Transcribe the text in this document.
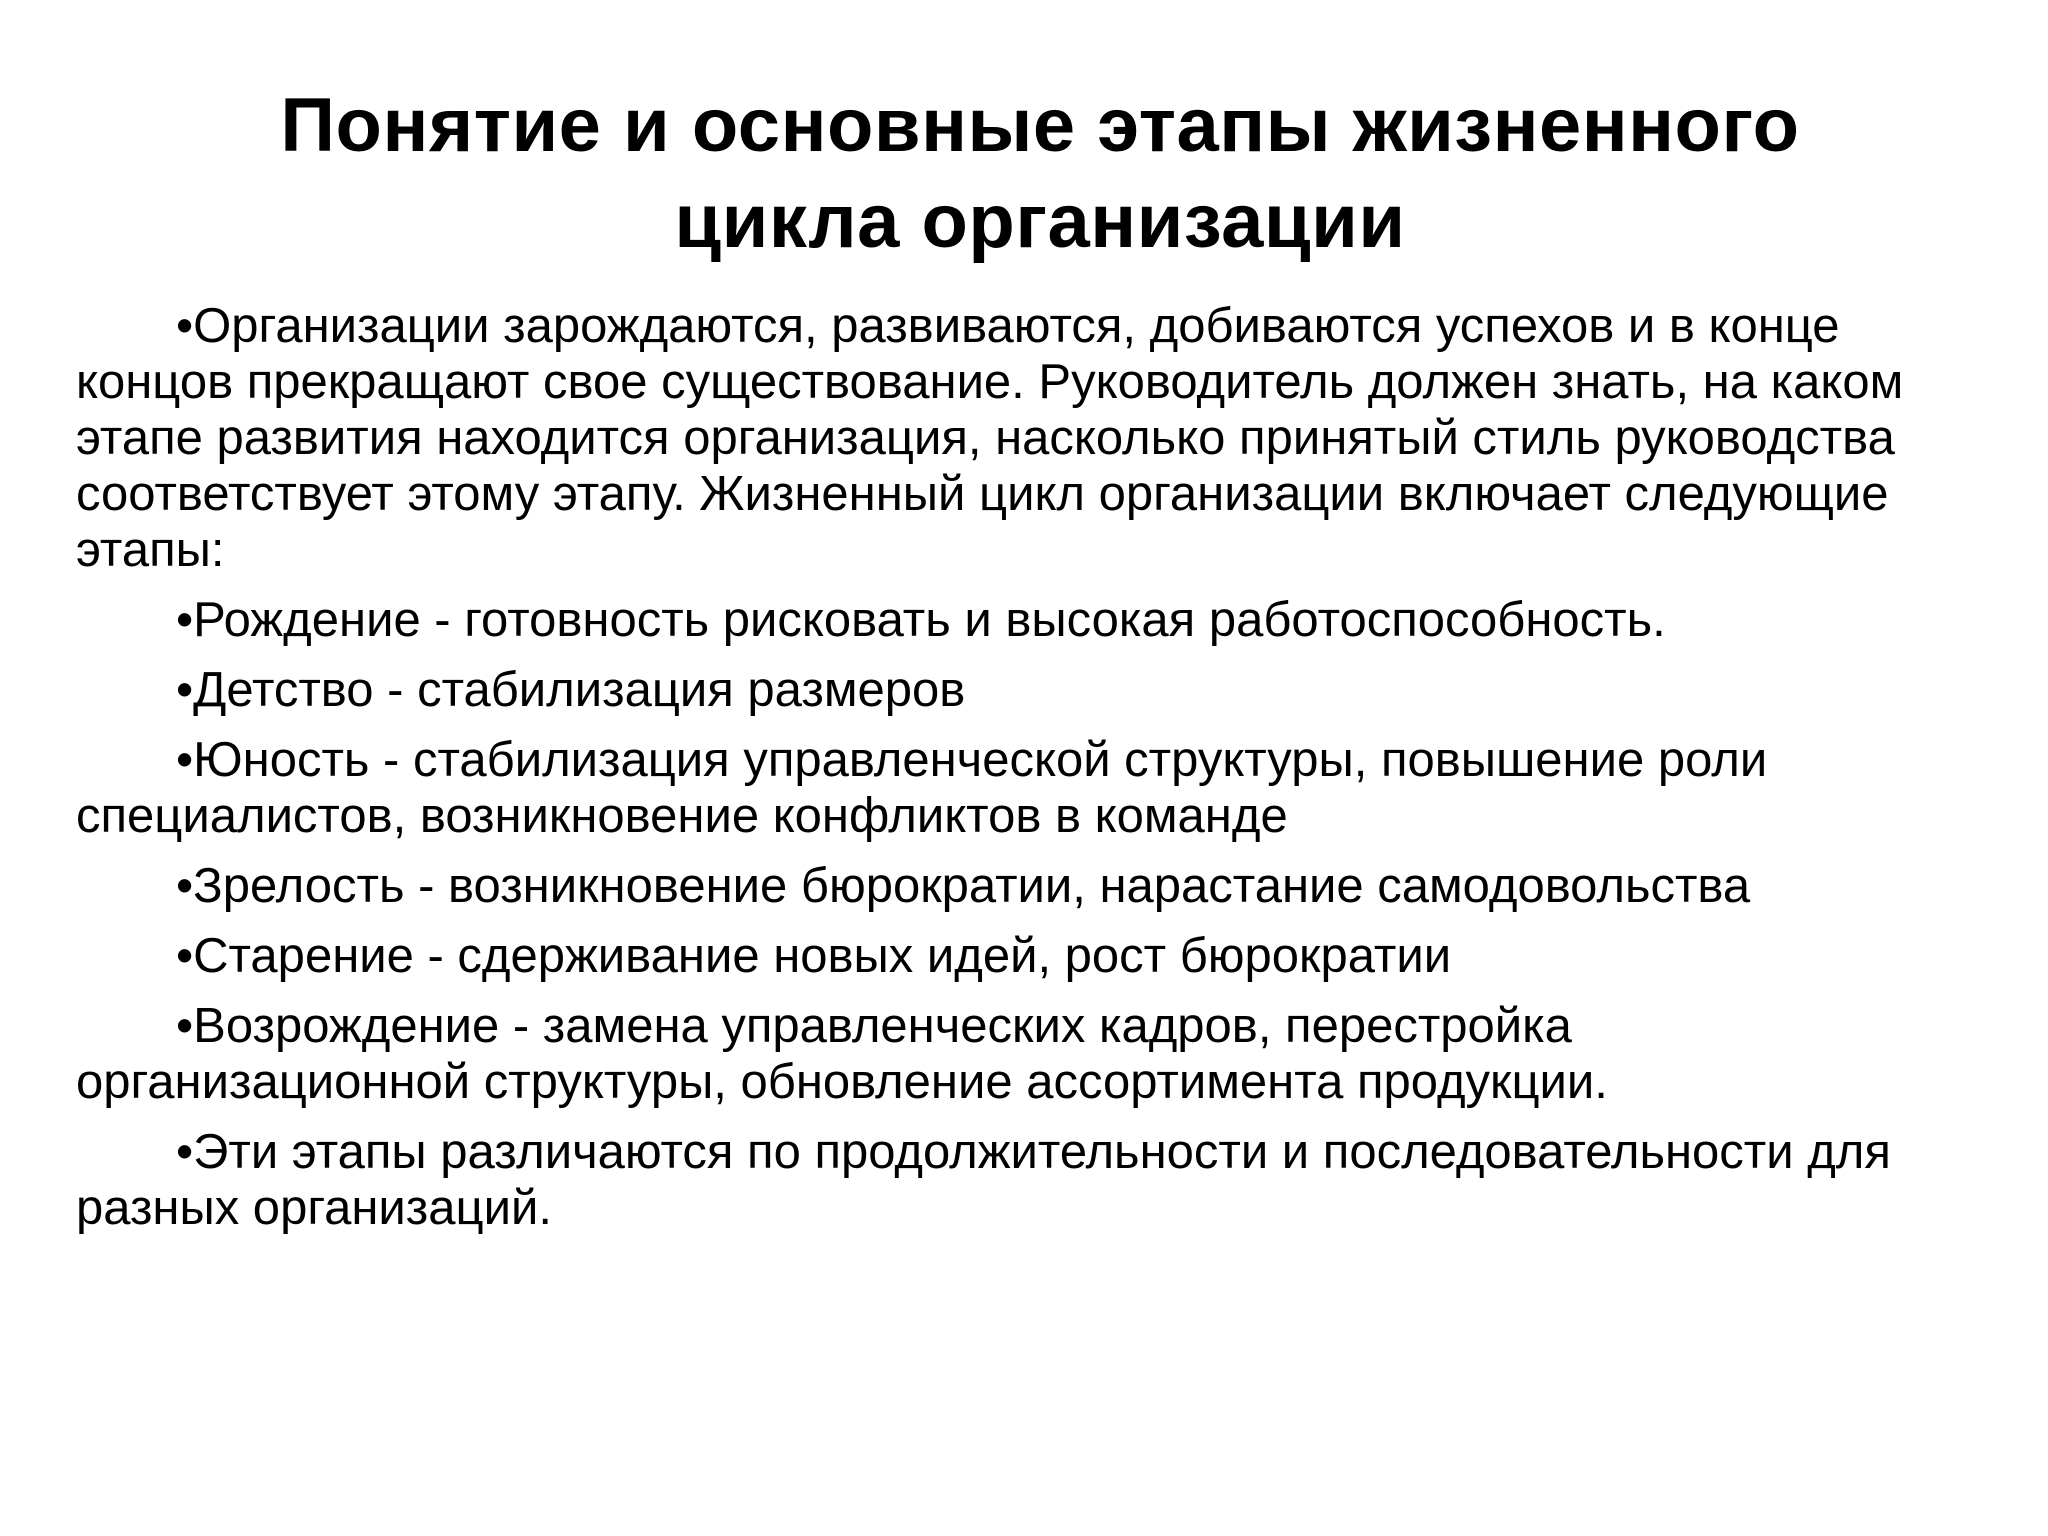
Понятие и основные этапы жизненного цикла организации

•Организации зарождаются, развиваются, добиваются успехов и в конце концов прекращают свое существование. Руководитель должен знать, на каком этапе развития находится организация, насколько принятый стиль руководства соответствует этому этапу. Жизненный цикл организации включает следующие этапы:

•Рождение - готовность рисковать и высокая работоспособность.

•Детство - стабилизация размеров

•Юность - стабилизация управленческой структуры, повышение роли специалистов, возникновение конфликтов в команде

•Зрелость - возникновение бюрократии, нарастание самодовольства

•Старение - сдерживание новых идей, рост бюрократии

•Возрождение - замена управленческих кадров, перестройка организационной структуры, обновление ассортимента продукции.

•Эти этапы различаются по продолжительности и последовательности для разных организаций.
